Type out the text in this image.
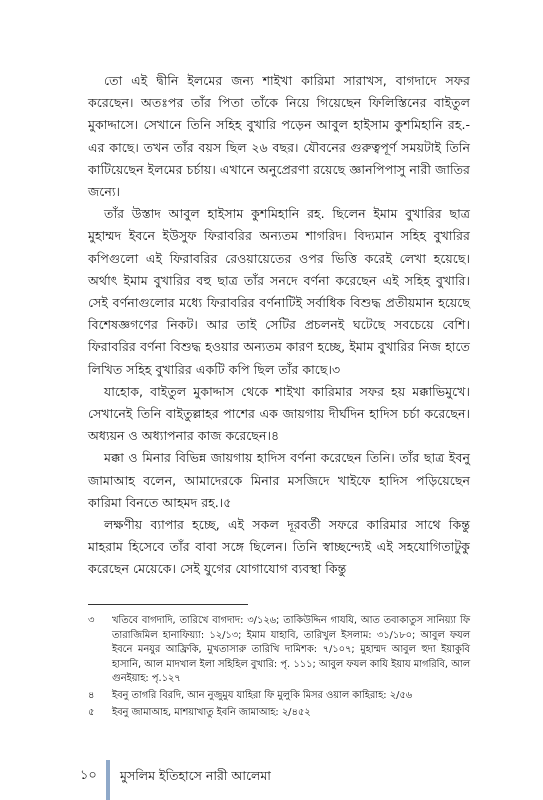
তো এই দ্বীনি ইলমের জন্য শাইখা কারিমা সারাখস, বাগদাদে সফর করেছেন। অতঃপর তাঁর পিতা তাঁকে নিয়ে গিয়েছেন ফিলিস্তিনের বাইতুল মুকাদ্দাসে। সেখানে তিনি সহিহ বুখারি পড়েন আবুল হাইসাম কুশমিহানি রহ.-এর কাছে। তখন তাঁর বয়স ছিল ২৬ বছর। যৌবনের গুরুত্বপূর্ণ সময়টাই তিনি কাটিয়েছেন ইলমের চর্চায়। এখানে অনুপ্রেরণা রয়েছে জ্ঞানপিপাসু নারী জাতির জন্যে।

তাঁর উস্তাদ আবুল হাইসাম কুশমিহানি রহ. ছিলেন ইমাম বুখারির ছাত্র মুহাম্মদ ইবনে ইউসুফ ফিরাবরির অন্যতম শাগরিদ। বিদ্যমান সহিহ বুখারির কপিগুলো এই ফিরাবরির রেওয়ায়েতের ওপর ভিত্তি করেই লেখা হয়েছে। অর্থাৎ ইমাম বুখারির বহু ছাত্র তাঁর সনদে বর্ণনা করেছেন এই সহিহ বুখারি। সেই বর্ণনাগুলোর মধ্যে ফিরাবরির বর্ণনাটিই সর্বাধিক বিশুদ্ধ প্রতীয়মান হয়েছে বিশেষজ্ঞগণের নিকট। আর তাই সেটির প্রচলনই ঘটেছে সবচেয়ে বেশি। ফিরাবরির বর্ণনা বিশুদ্ধ হওয়ার অন্যতম কারণ হচ্ছে, ইমাম বুখারির নিজ হাতে লিখিত সহিহ বুখারির একটি কপি ছিল তাঁর কাছে।৩

যাহোক, বাইতুল মুকাদ্দাস থেকে শাইখা কারিমার সফর হয় মক্কাভিমুখে। সেখানেই তিনি বাইতুল্লাহর পাশের এক জায়গায় দীর্ঘদিন হাদিস চর্চা করেছেন। অধ্যয়ন ও অধ্যাপনার কাজ করেছেন।৪

মক্কা ও মিনার বিভিন্ন জায়গায় হাদিস বর্ণনা করেছেন তিনি। তাঁর ছাত্র ইবনু জামাআহ বলেন, আমাদেরকে মিনার মসজিদে খাইফে হাদিস পড়িয়েছেন কারিমা বিনতে আহমদ রহ.।৫

লক্ষণীয় ব্যাপার হচ্ছে, এই সকল দূরবর্তী সফরে কারিমার সাথে কিন্তু মাহরাম হিসেবে তাঁর বাবা সঙ্গে ছিলেন। তিনি স্বাচ্ছন্দ্যেই এই সহযোগিতাটুকু করেছেন মেয়েকে। সেই যুগের যোগাযোগ ব্যবস্থা কিন্তু

৩	খতিবে বাগদাদি, তারিখে বাগদাদ: ৩/১২৬; তাকিউদ্দিন গাযযি, আত তবাকাতুস সানিয়্যা ফি তারাজিমিল হানাফিয়্যা: ১২/১৩; ইমাম যাহাবি, তারিখুল ইসলাম: ৩১/১৮০; আবুল ফযল ইবনে মনযুর আফ্রিকি, মুখতাসারু তারিখি দামিশক: ৭/১০৭; মুহাম্মদ আবুল হুদা ইয়াকুবি হাসানি, আল মাদখাল ইলা সহিহিল বুখারি: পৃ. ১১১; আবুল ফযল কাযি ইয়ায মাগরিবি, আল গুনইয়াহ: পৃ.১২৭
৪	ইবনু তাগরি বিরদি, আন নুজুমুয যাহিরা ফি মুলুকি মিসর ওয়াল কাহিরাহ: ২/৫৬
৫	ইবনু জামাআহ, মাশয়াখাতু ইবনি জামাআহ: ২/৪৫২
১০	মুসলিম ইতিহাসে নারী আলেমা
